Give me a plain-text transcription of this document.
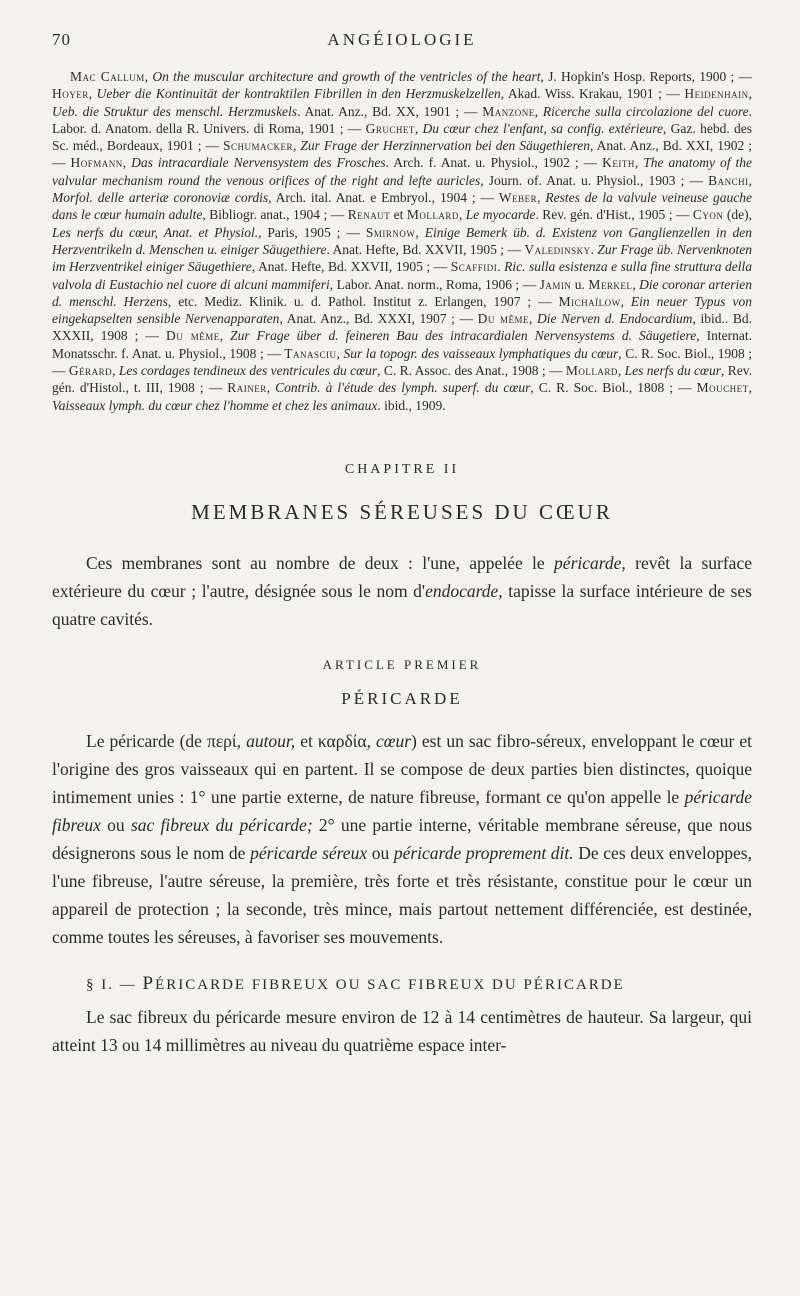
70	ANGÉIOLOGIE
Mac Callum, On the muscular architecture and growth of the ventricles of the heart, J. Hopkin's Hosp. Reports, 1900 ; — Hoyer, Ueber die Kontinuität der kontraktilen Fibrillen in den Herzmuskelzellen, Akad. Wiss. Krakau, 1901 ; — Heidenhain, Ueb. die Struktur des menschl. Herzmuskels. Anat. Anz., Bd. XX, 1901 ; — Manzone, Ricerche sulla circolazione del cuore. Labor. d. Anatom. della R. Univers. di Roma, 1901 ; — Gruchet, Du cœur chez l'enfant, sa config. extérieure, Gaz. hebd. des Sc. méd., Bordeaux, 1901 ; — Schumacker, Zur Frage der Herzinnervation bei den Säugethieren, Anat. Anz., Bd. XXI, 1902 ; — Hofmann, Das intracardiale Nervensystem des Frosches. Arch. f. Anat. u. Physiol., 1902 ; — Keith, The anatomy of the valvular mechanism round the venous orifices of the right and lefte auricles, Journ. of. Anat. u. Physiol., 1903 ; — Banchi, Morfol. delle arteriæ coronoviæ cordis, Arch. ital. Anat. e Embryol., 1904 ; — Weber, Restes de la valvule veineuse gauche dans le cœur humain adulte, Bibliogr. anat., 1904 ; — Renaut et Mollard, Le myocarde. Rev. gén. d'Hist., 1905 ; — Cyon (de), Les nerfs du cœur, Anat. et Physiol., Paris, 1905 ; — Smirnow, Einige Bemerk üb. d. Existenz von Ganglienzellen in den Herzventrikeln d. Menschen u. einiger Säugethiere. Anat. Hefte, Bd. XXVII, 1905 ; — Valedinsky. Zur Frage üb. Nervenknoten im Herzventrikel einiger Säugethiere, Anat. Hefte, Bd. XXVII, 1905 ; — Scaffidi. Ric. sulla esistenza e sulla fine struttura della valvola di Eustachio nel cuore di alcuni mammiferi, Labor. Anat. norm., Roma, 1906 ; — Jamin u. Merkel, Die coronar arterien d. menschl. Herzens, etc. Mediz. Klinik. u. d. Pathol. Institut z. Erlangen, 1907 ; — Michaïlow, Ein neuer Typus von eingekapselten sensible Nervenapparaten, Anat. Anz., Bd. XXXI, 1907 ; — Du même, Die Nerven d. Endocardium, ibid.. Bd. XXXII, 1908 ; — Du même, Zur Frage über d. feineren Bau des intracardialen Nervensystems d. Säugetiere, Internat. Monatsschr. f. Anat. u. Physiol., 1908 ; — Tanasciu, Sur la topogr. des vaisseaux lymphatiques du cœur, C. R. Soc. Biol., 1908 ; — Gérard, Les cordages tendineux des ventricules du cœur, C. R. Assoc. des Anat., 1908 ; — Mollard, Les nerfs du cœur, Rev. gén. d'Histol., t. III, 1908 ; — Rainer, Contrib. à l'étude des lymph. superf. du cœur, C. R. Soc. Biol., 1808 ; — Mouchet, Vaisseaux lymph. du cœur chez l'homme et chez les animaux. ibid., 1909.
CHAPITRE II
MEMBRANES SÉREUSES DU CŒUR

Ces membranes sont au nombre de deux : l'une, appelée le péricarde, revêt la surface extérieure du cœur ; l'autre, désignée sous le nom d'endocarde, tapisse la surface intérieure de ses quatre cavités.

ARTICLE PREMIER
PÉRICARDE

Le péricarde (de περί, autour, et καρδία, cœur) est un sac fibro-séreux, enveloppant le cœur et l'origine des gros vaisseaux qui en partent. Il se compose de deux parties bien distinctes, quoique intimement unies : 1° une partie externe, de nature fibreuse, formant ce qu'on appelle le péricarde fibreux ou sac fibreux du péricarde; 2° une partie interne, véritable membrane séreuse, que nous désignerons sous le nom de péricarde séreux ou péricarde proprement dit. De ces deux enveloppes, l'une fibreuse, l'autre séreuse, la première, très forte et très résistante, constitue pour le cœur un appareil de protection ; la seconde, très mince, mais partout nettement différenciée, est destinée, comme toutes les séreuses, à favoriser ses mouvements.

§ I. — PÉRICARDE FIBREUX OU SAC FIBREUX DU PÉRICARDE

Le sac fibreux du péricarde mesure environ de 12 à 14 centimètres de hauteur. Sa largeur, qui atteint 13 ou 14 millimètres au niveau du quatrième espace inter-
